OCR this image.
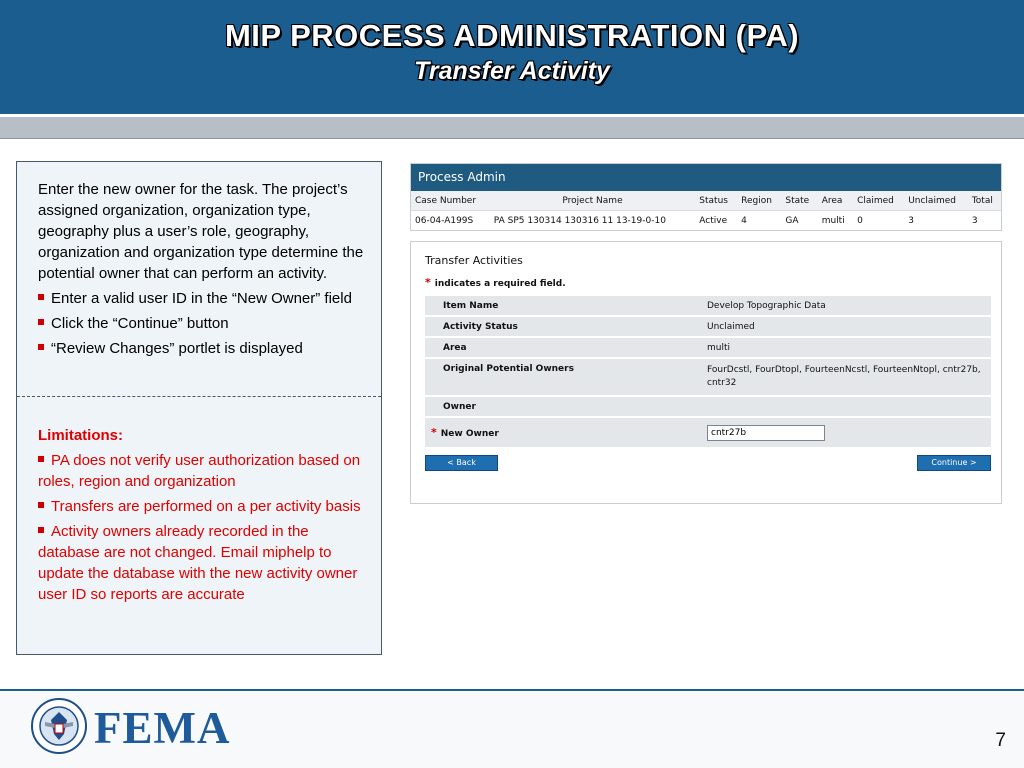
MIP PROCESS ADMINISTRATION (PA)
Transfer Activity
Enter the new owner for the task. The project’s assigned organization, organization type, geography plus a user’s role, geography, organization and organization type determine the potential owner that can perform an activity.
Enter a valid user ID in the “New Owner” field
Click the “Continue” button
“Review Changes” portlet is displayed
Limitations:
PA does not verify user authorization based on roles, region and organization
Transfers are performed on a per activity basis
Activity owners already recorded in the database are not changed. Email miphelp to update the database with the new activity owner user ID so reports are accurate
Process Admin
Case Number	Project Name	Status	Region	State	Area	Claimed	Unclaimed	Total
06-04-A199S	PA SP5 130314 130316 11 13-19-0-10	Active	4	GA	multi	0	3	3
Transfer Activities
* indicates a required field.
Item Name	Develop Topographic Data
Activity Status	Unclaimed
Area	multi
Original Potential Owners	FourDcstl, FourDtopl, FourteenNcstl, FourteenNtopl, cntr27b, cntr32
Owner	
* New Owner	cntr27b
< Back	Continue >
FEMA	7
